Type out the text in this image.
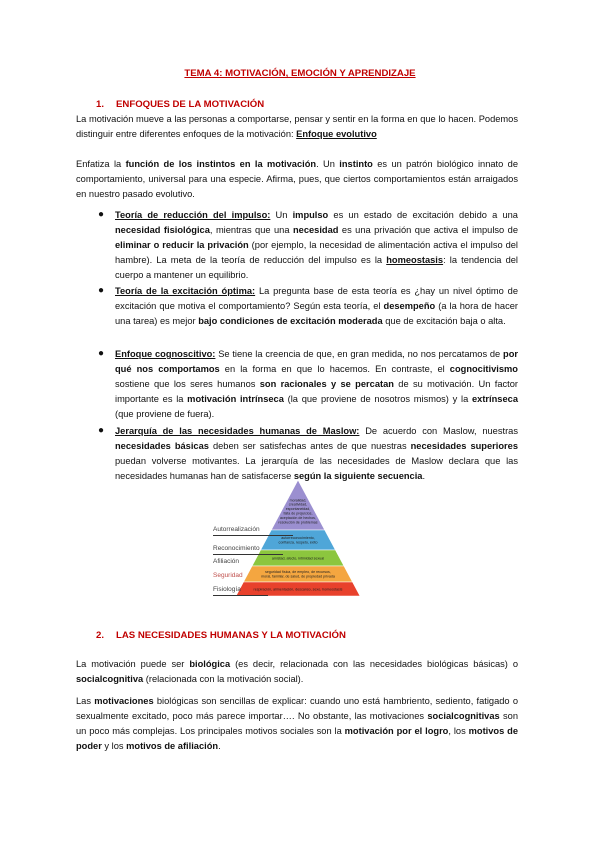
TEMA 4: MOTIVACIÓN, EMOCIÓN Y APRENDIZAJE
1. ENFOQUES DE LA MOTIVACIÓN
La motivación mueve a las personas a comportarse, pensar y sentir en la forma en que lo hacen. Podemos distinguir entre diferentes enfoques de la motivación: Enfoque evolutivo
Enfatiza la función de los instintos en la motivación. Un instinto es un patrón biológico innato de comportamiento, universal para una especie. Afirma, pues, que ciertos comportamientos están arraigados en nuestro pasado evolutivo.
● Teoría de reducción del impulso: Un impulso es un estado de excitación debido a una necesidad fisiológica, mientras que una necesidad es una privación que activa el impulso de eliminar o reducir la privación (por ejemplo, la necesidad de alimentación activa el impulso del hambre). La meta de la teoría de reducción del impulso es la homeostasis: la tendencia del cuerpo a mantener un equilibrio.
● Teoría de la excitación óptima: La pregunta base de esta teoría es ¿hay un nivel óptimo de excitación que motiva el comportamiento? Según esta teoría, el desempeño (a la hora de hacer una tarea) es mejor bajo condiciones de excitación moderada que de excitación baja o alta.
● Enfoque cognoscitivo: Se tiene la creencia de que, en gran medida, no nos percatamos de por qué nos comportamos en la forma en que lo hacemos. En contraste, el cognocitivismo sostiene que los seres humanos son racionales y se percatan de su motivación. Un factor importante es la motivación intrínseca (la que proviene de nosotros mismos) y la extrínseca (que proviene de fuera).
● Jerarquía de las necesidades humanas de Maslow: De acuerdo con Maslow, nuestras necesidades básicas deben ser satisfechas antes de que nuestras necesidades superiores puedan volverse motivantes. La jerarquía de las necesidades de Maslow declara que las necesidades humanas han de satisfacerse según la siguiente secuencia.
moralidad,
creatividad,
espontaneidad,
falta de prejuicios,
aceptación de hechos,
resolución de problemas
autorreconocimiento,
confianza, respeto, éxito
amistad, afecto, intimidad sexual
seguridad física, de empleo, de recursos,
moral, familiar, de salud, de propiedad privada
respiración, alimentación, descanso, sexo, homeostasis
Autorrealización
Reconocimiento
Afiliación
Seguridad
Fisiología
2. LAS NECESIDADES HUMANAS Y LA MOTIVACIÓN
La motivación puede ser biológica (es decir, relacionada con las necesidades biológicas básicas) o socialcognitiva (relacionada con la motivación social).
Las motivaciones biológicas son sencillas de explicar: cuando uno está hambriento, sediento, fatigado o sexualmente excitado, poco más parece importar…. No obstante, las motivaciones socialcognitivas son un poco más complejas. Los principales motivos sociales son la motivación por el logro, los motivos de poder y los motivos de afiliación.
